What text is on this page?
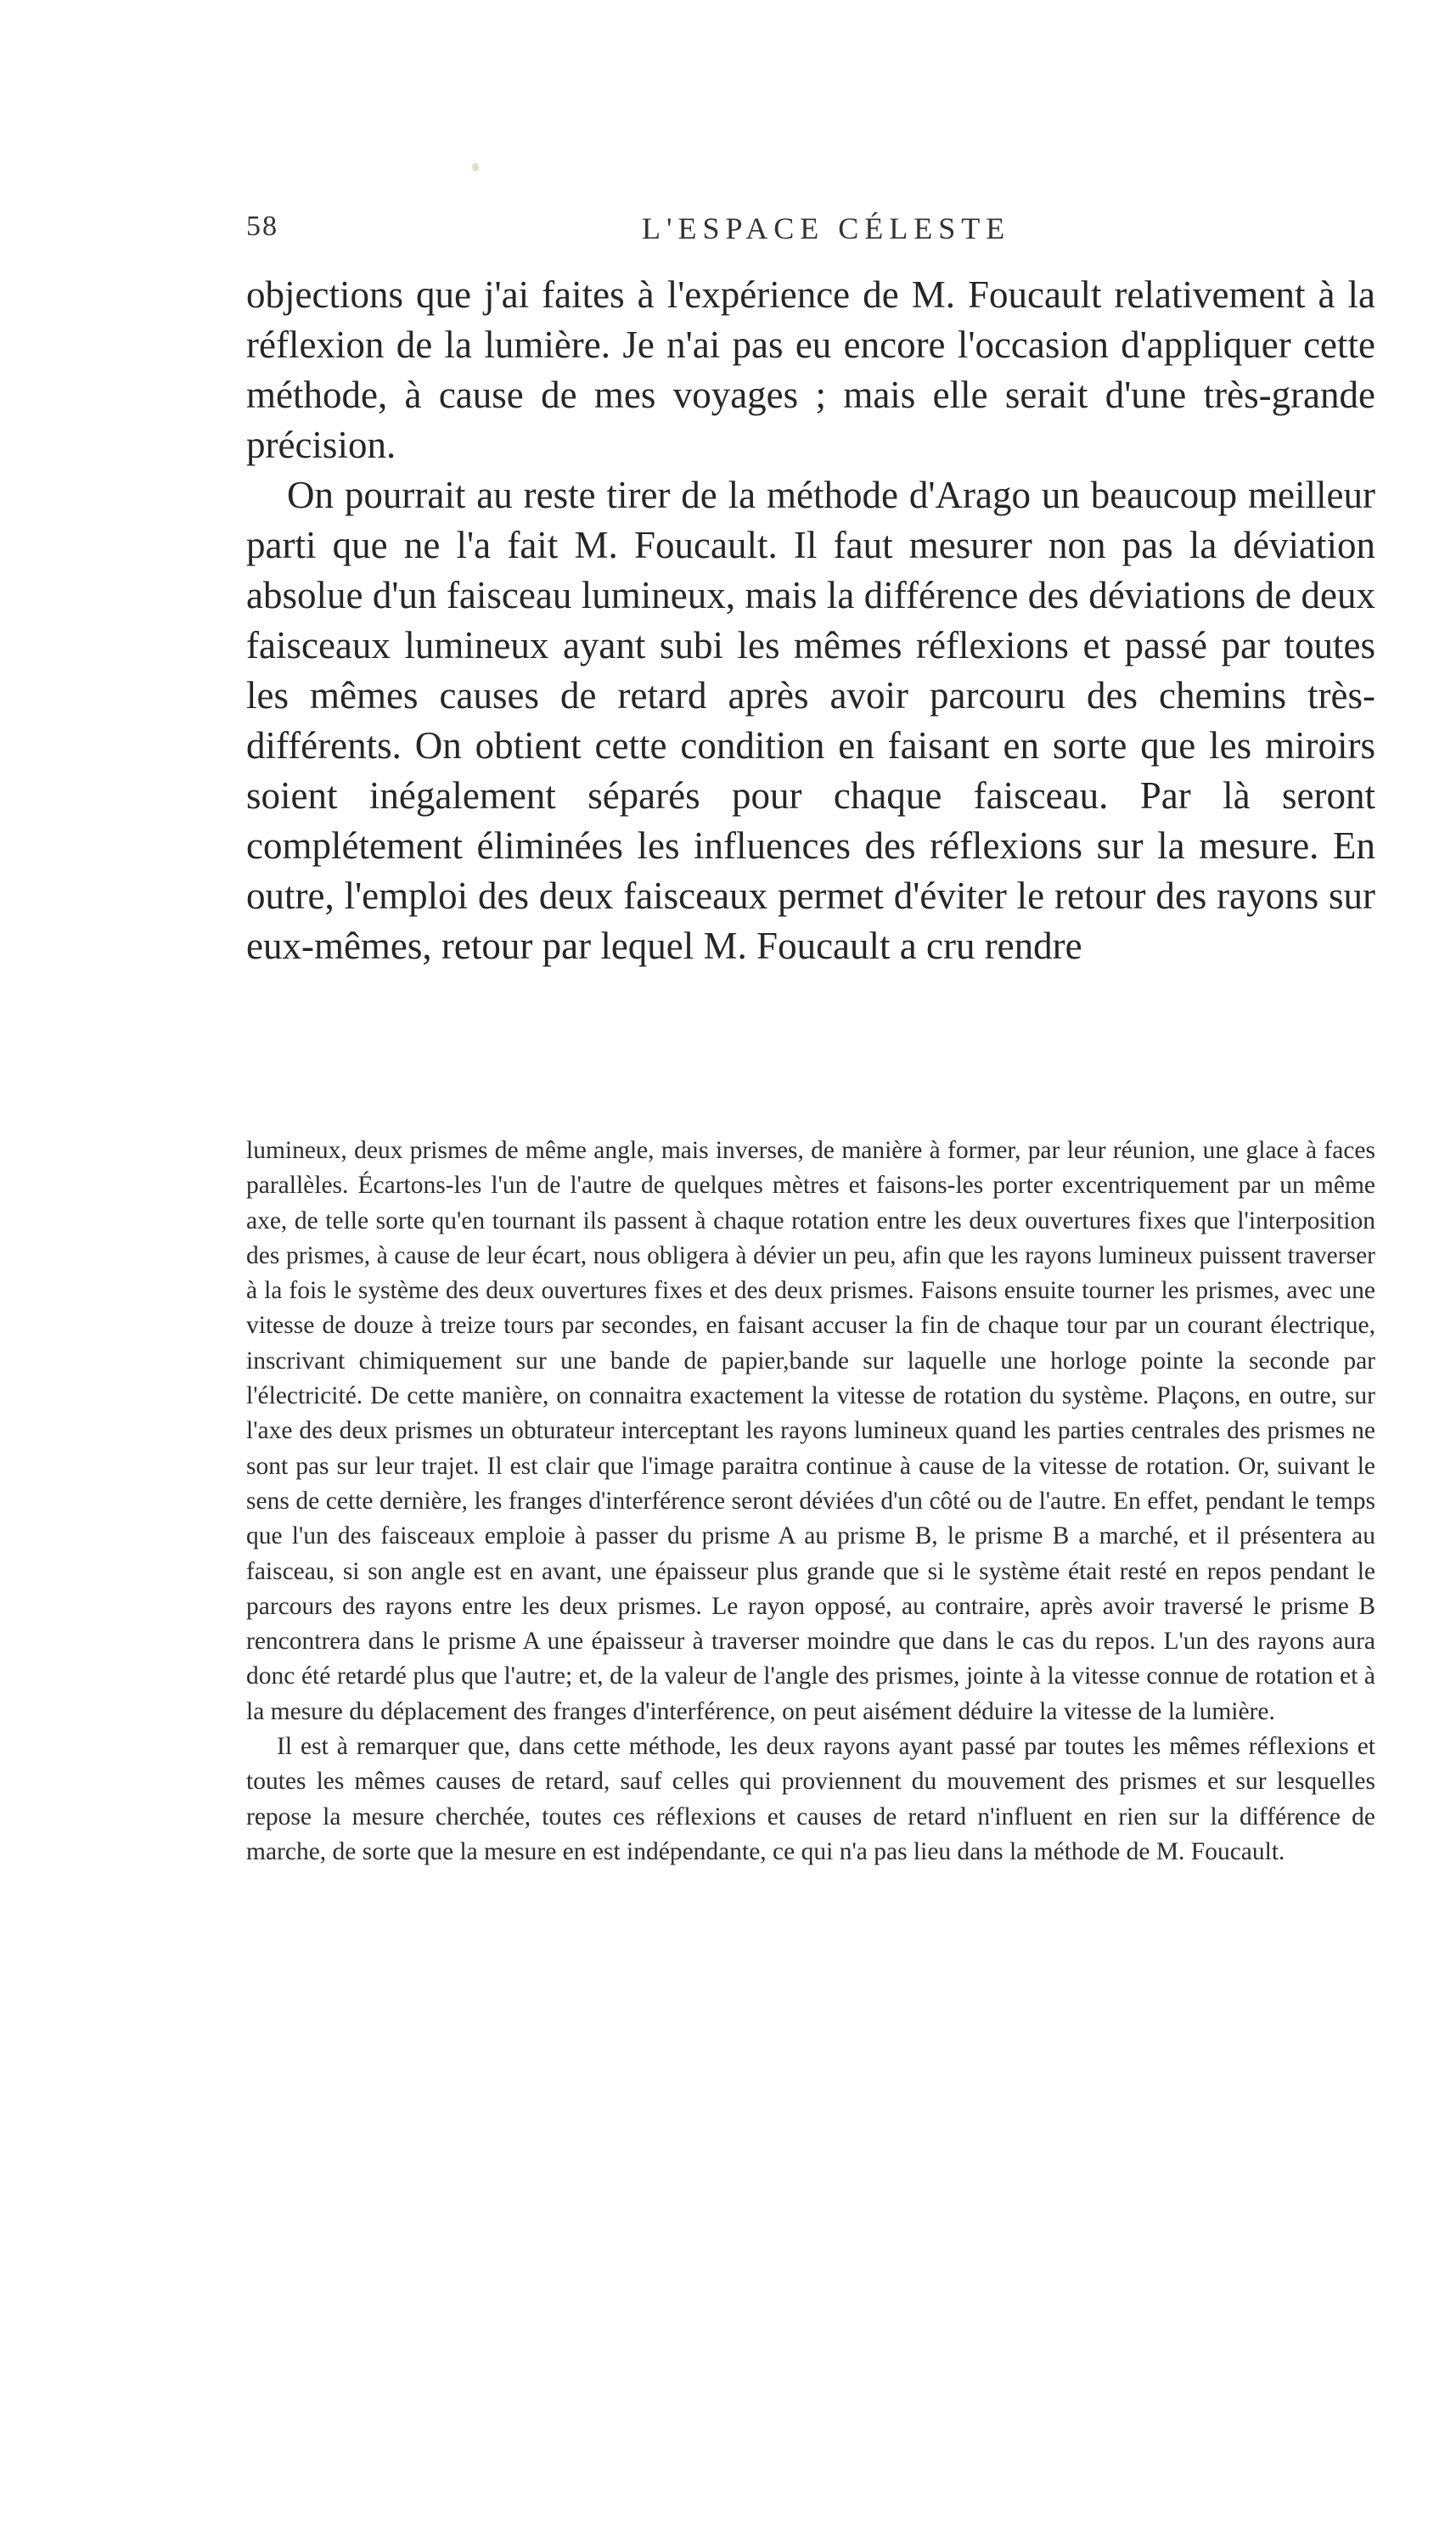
58	L'ESPACE CÉLESTE

objections que j'ai faites à l'expérience de M. Foucault relativement à la réflexion de la lumière. Je n'ai pas eu encore l'occasion d'appliquer cette méthode, à cause de mes voyages ; mais elle serait d'une très-grande précision.

On pourrait au reste tirer de la méthode d'Arago un beaucoup meilleur parti que ne l'a fait M. Foucault. Il faut mesurer non pas la déviation absolue d'un faisceau lumineux, mais la différence des déviations de deux faisceaux lumineux ayant subi les mêmes réflexions et passé par toutes les mêmes causes de retard après avoir parcouru des chemins très-différents. On obtient cette condition en faisant en sorte que les miroirs soient inégalement séparés pour chaque faisceau. Par là seront complétement éliminées les influences des réflexions sur la mesure. En outre, l'emploi des deux faisceaux permet d'éviter le retour des rayons sur eux-mêmes, retour par lequel M. Foucault a cru rendre

lumineux, deux prismes de même angle, mais inverses, de manière à former, par leur réunion, une glace à faces parallèles. Écartons-les l'un de l'autre de quelques mètres et faisons-les porter excentriquement par un même axe, de telle sorte qu'en tournant ils passent à chaque rotation entre les deux ouvertures fixes que l'interposition des prismes, à cause de leur écart, nous obligera à dévier un peu, afin que les rayons lumineux puissent traverser à la fois le système des deux ouvertures fixes et des deux prismes. Faisons ensuite tourner les prismes, avec une vitesse de douze à treize tours par secondes, en faisant accuser la fin de chaque tour par un courant électrique, inscrivant chimiquement sur une bande de papier,bande sur laquelle une horloge pointe la seconde par l'électricité. De cette manière, on connaitra exactement la vitesse de rotation du système. Plaçons, en outre, sur l'axe des deux prismes un obturateur interceptant les rayons lumineux quand les parties centrales des prismes ne sont pas sur leur trajet. Il est clair que l'image paraitra continue à cause de la vitesse de rotation. Or, suivant le sens de cette dernière, les franges d'interférence seront déviées d'un côté ou de l'autre. En effet, pendant le temps que l'un des faisceaux emploie à passer du prisme A au prisme B, le prisme B a marché, et il présentera au faisceau, si son angle est en avant, une épaisseur plus grande que si le système était resté en repos pendant le parcours des rayons entre les deux prismes. Le rayon opposé, au contraire, après avoir traversé le prisme B rencontrera dans le prisme A une épaisseur à traverser moindre que dans le cas du repos. L'un des rayons aura donc été retardé plus que l'autre; et, de la valeur de l'angle des prismes, jointe à la vitesse connue de rotation et à la mesure du déplacement des franges d'interférence, on peut aisément déduire la vitesse de la lumière.

Il est à remarquer que, dans cette méthode, les deux rayons ayant passé par toutes les mêmes réflexions et toutes les mêmes causes de retard, sauf celles qui proviennent du mouvement des prismes et sur lesquelles repose la mesure cherchée, toutes ces réflexions et causes de retard n'influent en rien sur la différence de marche, de sorte que la mesure en est indépendante, ce qui n'a pas lieu dans la méthode de M. Foucault.
